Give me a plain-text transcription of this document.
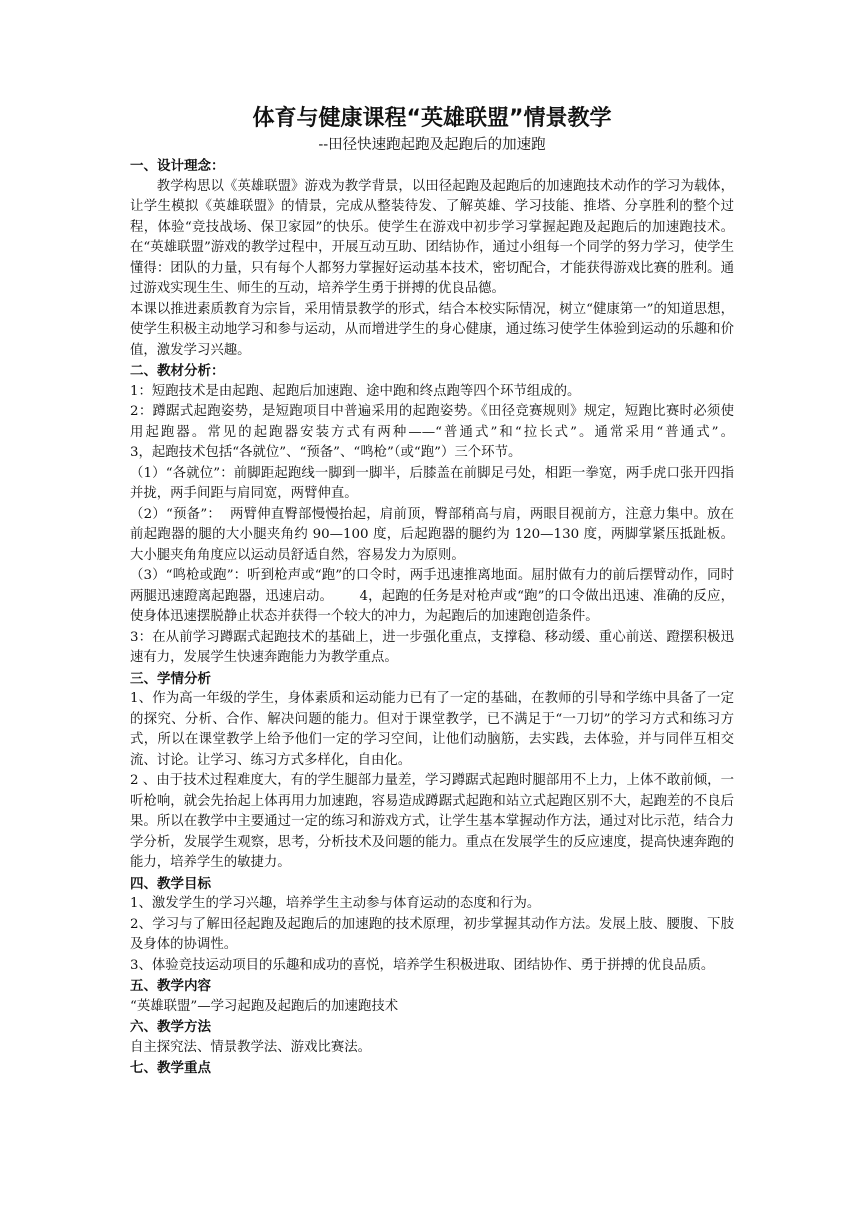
体育与健康课程“英雄联盟”情景教学

--田径快速跑起跑及起跑后的加速跑

一、设计理念：

教学构思以《英雄联盟》游戏为教学背景，以田径起跑及起跑后的加速跑技术动作的学习为载体，让学生模拟《英雄联盟》的情景，完成从整装待发、了解英雄、学习技能、推塔、分享胜利的整个过程，体验“竞技战场、保卫家园”的快乐。使学生在游戏中初步学习掌握起跑及起跑后的加速跑技术。在“英雄联盟”游戏的教学过程中，开展互动互助、团结协作，通过小组每一个同学的努力学习，使学生懂得：团队的力量，只有每个人都努力掌握好运动基本技术，密切配合，才能获得游戏比赛的胜利。通过游戏实现生生、师生的互动，培养学生勇于拼搏的优良品德。

本课以推进素质教育为宗旨，采用情景教学的形式，结合本校实际情况，树立“健康第一”的知道思想，使学生积极主动地学习和参与运动，从而增进学生的身心健康，通过练习使学生体验到运动的乐趣和价值，激发学习兴趣。

二、教材分析：

1：短跑技术是由起跑、起跑后加速跑、途中跑和终点跑等四个环节组成的。

2：蹲踞式起跑姿势，是短跑项目中普遍采用的起跑姿势。《田径竞赛规则》规定，短跑比赛时必须使用起跑器。常见的起跑器安装方式有两种——“普通式”和“拉长式”。通常采用“普通式”。                3，起跑技术包括“各就位”、“预备”、“鸣枪”（或“跑”）三个环节。

（1）“各就位”：前脚距起跑线一脚到一脚半，后膝盖在前脚足弓处，相距一拳宽，两手虎口张开四指并拢，两手间距与肩同宽，两臂伸直。

（2）“预备”：  两臂伸直臀部慢慢抬起，肩前顶，臀部稍高与肩，两眼目视前方，注意力集中。放在前起跑器的腿的大小腿夹角约 90—100 度，后起跑器的腿约为 120—130 度，两脚掌紧压抵趾板。大小腿夹角角度应以运动员舒适自然，容易发力为原则。

（3）“鸣枪或跑”：听到枪声或“跑”的口令时，两手迅速推离地面。屈肘做有力的前后摆臂动作，同时两腿迅速蹬离起跑器，迅速启动。      4，起跑的任务是对枪声或“跑”的口令做出迅速、准确的反应，使身体迅速摆脱静止状态并获得一个较大的冲力，为起跑后的加速跑创造条件。

3：在从前学习蹲踞式起跑技术的基础上，进一步强化重点，支撑稳、移动缓、重心前送、蹬摆积极迅速有力，发展学生快速奔跑能力为教学重点。

三、学情分析

1、作为高一年级的学生，身体素质和运动能力已有了一定的基础，在教师的引导和学练中具备了一定的探究、分析、合作、解决问题的能力。但对于课堂教学，已不满足于“一刀切”的学习方式和练习方式，所以在课堂教学上给予他们一定的学习空间，让他们动脑筋，去实践，去体验，并与同伴互相交流、讨论。让学习、练习方式多样化，自由化。

2 、由于技术过程难度大，有的学生腿部力量差，学习蹲踞式起跑时腿部用不上力，上体不敢前倾，一听枪响，就会先抬起上体再用力加速跑，容易造成蹲踞式起跑和站立式起跑区别不大，起跑差的不良后果。所以在教学中主要通过一定的练习和游戏方式，让学生基本掌握动作方法，通过对比示范，结合力学分析，发展学生观察，思考，分析技术及问题的能力。重点在发展学生的反应速度，提高快速奔跑的能力，培养学生的敏捷力。

四、教学目标

1、激发学生的学习兴趣，培养学生主动参与体育运动的态度和行为。

2、学习与了解田径起跑及起跑后的加速跑的技术原理，初步掌握其动作方法。发展上肢、腰腹、下肢及身体的协调性。

3、体验竞技运动项目的乐趣和成功的喜悦，培养学生积极进取、团结协作、勇于拼搏的优良品质。

五、教学内容

“英雄联盟”—学习起跑及起跑后的加速跑技术

六、教学方法

自主探究法、情景教学法、游戏比赛法。

七、教学重点
